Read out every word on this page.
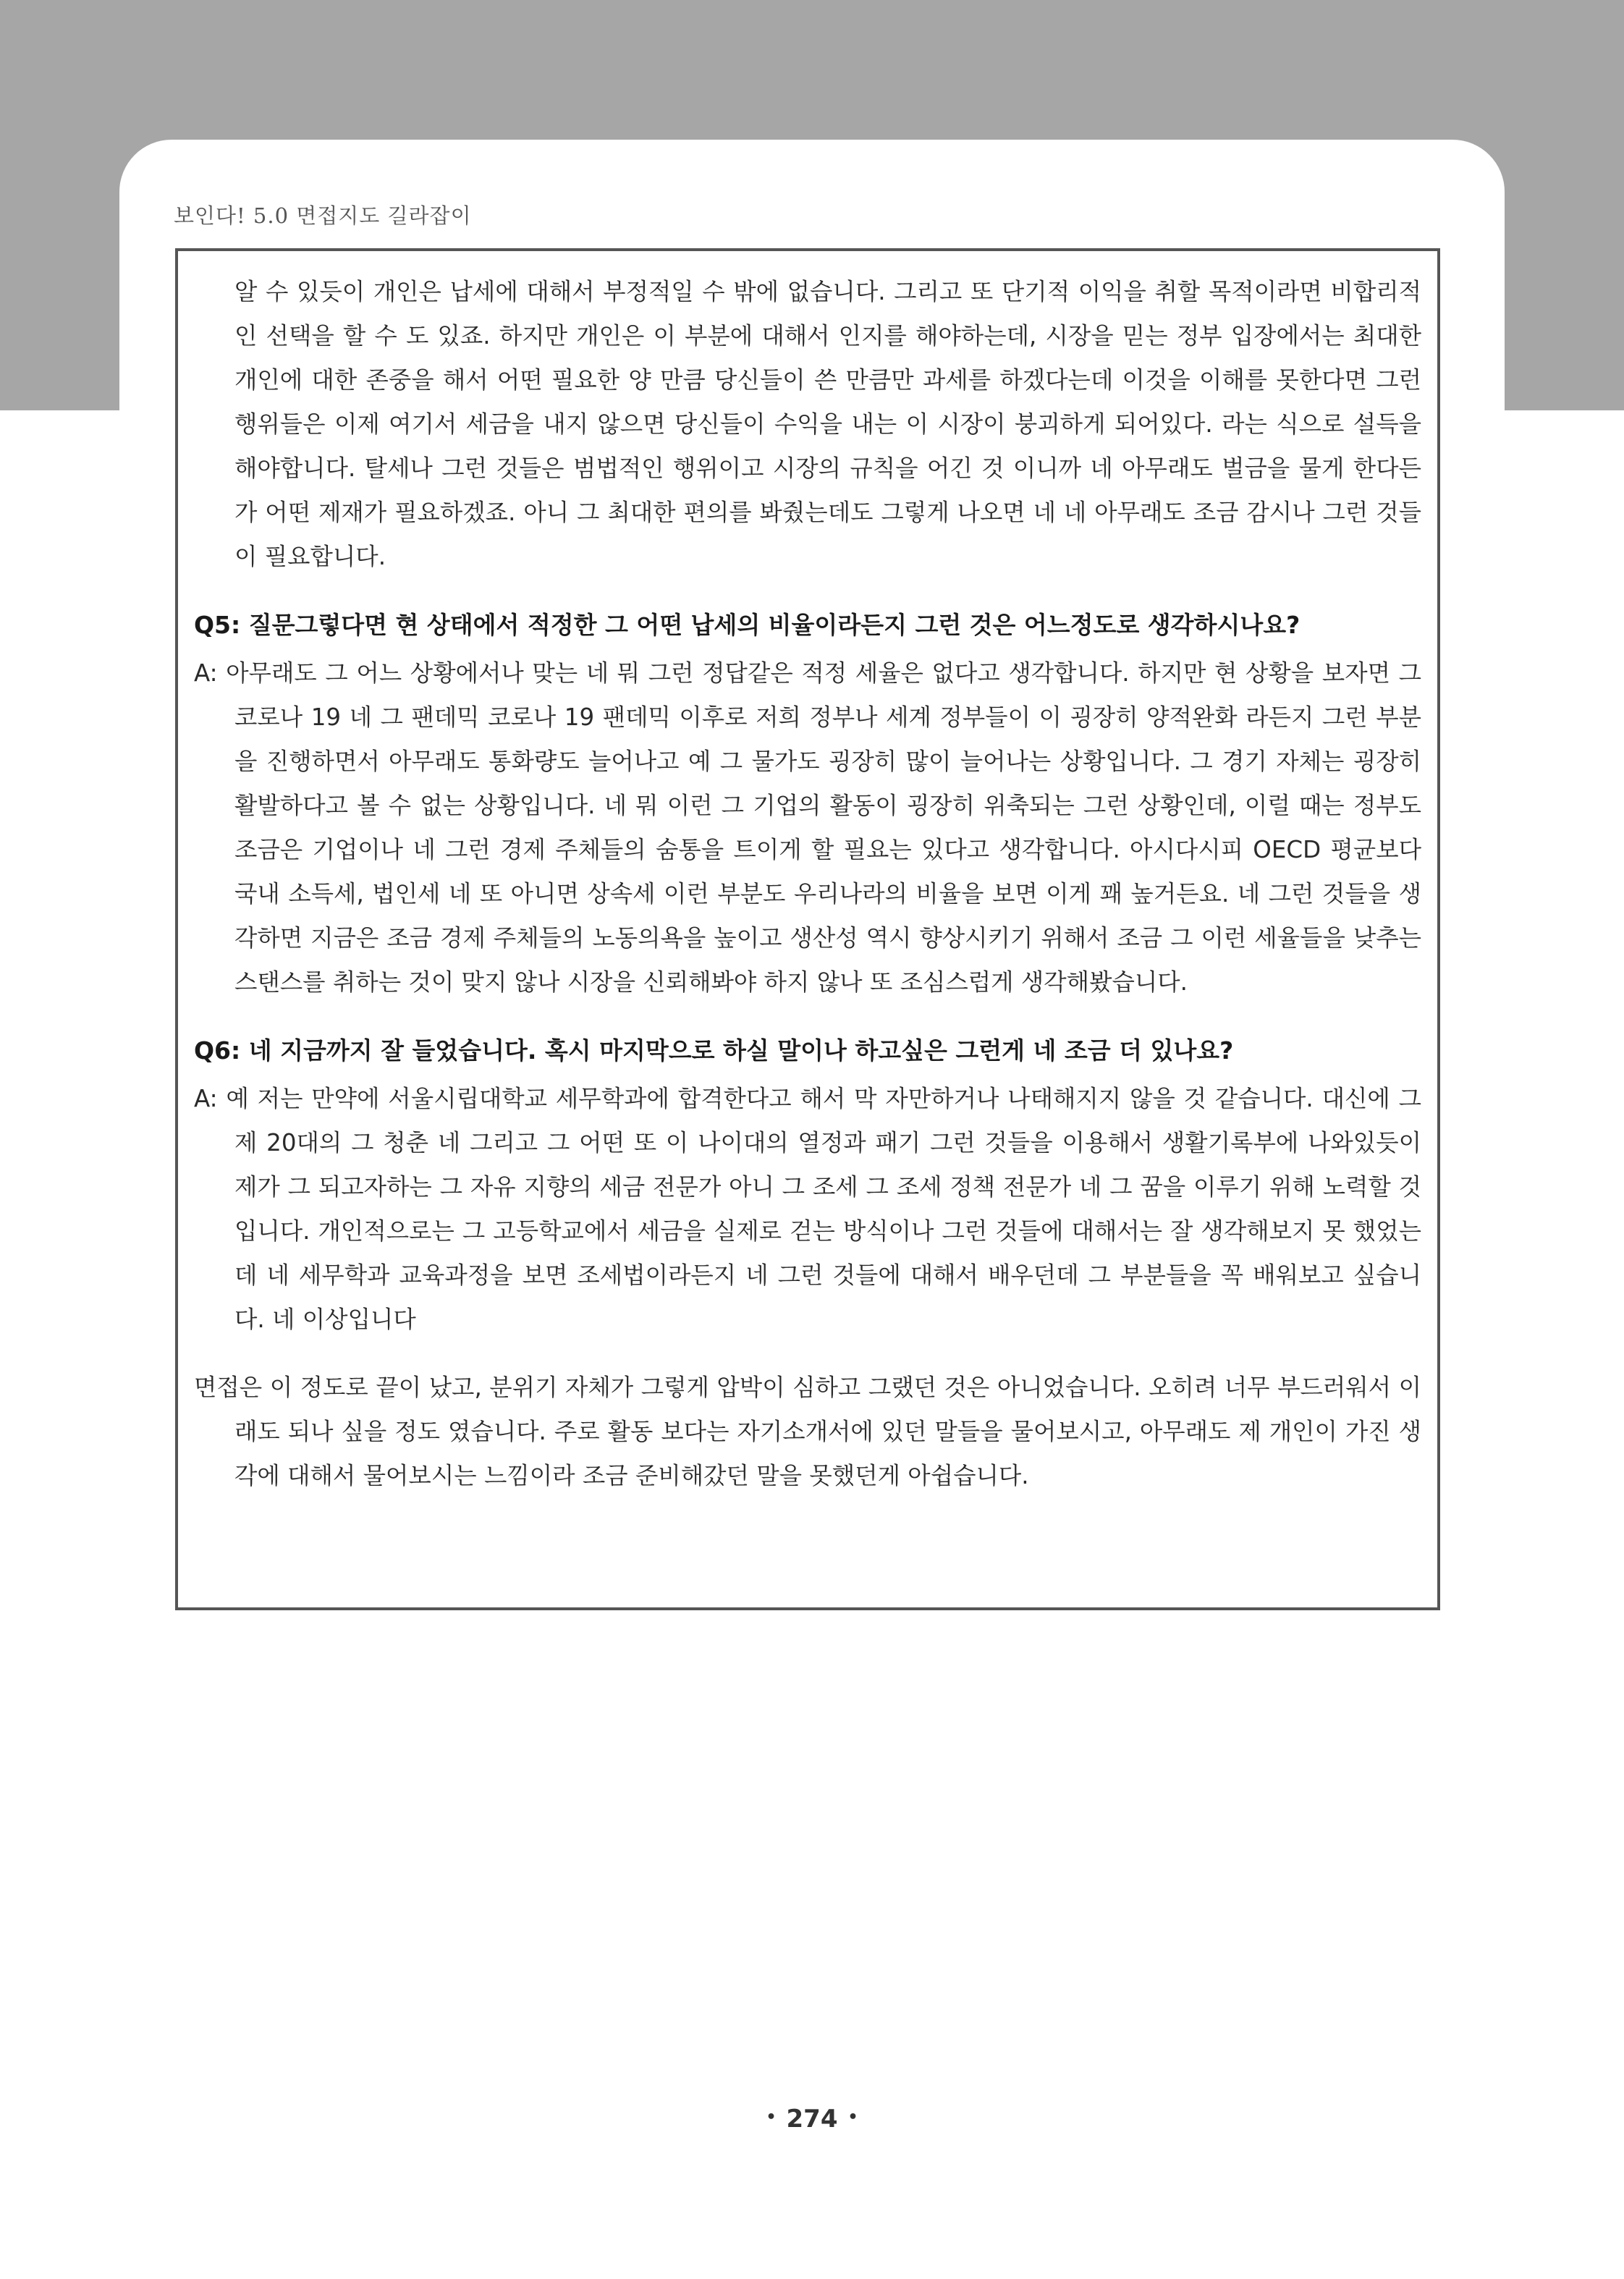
보인다! 5.0 면접지도 길라잡이

알 수 있듯이 개인은 납세에 대해서 부정적일 수 밖에 없습니다. 그리고 또 단기적 이익을 취할 목적이라면 비합리적인 선택을 할 수 도 있죠. 하지만 개인은 이 부분에 대해서 인지를 해야하는데, 시장을 믿는 정부 입장에서는 최대한 개인에 대한 존중을 해서 어떤 필요한 양 만큼 당신들이 쓴 만큼만 과세를 하겠다는데 이것을 이해를 못한다면 그런 행위들은 이제 여기서 세금을 내지 않으면 당신들이 수익을 내는 이 시장이 붕괴하게 되어있다. 라는 식으로 설득을 해야합니다. 탈세나 그런 것들은 범법적인 행위이고 시장의 규칙을 어긴 것 이니까 네 아무래도 벌금을 물게 한다든가 어떤 제재가 필요하겠죠. 아니 그 최대한 편의를 봐줬는데도 그렇게 나오면 네 네 아무래도 조금 감시나 그런 것들이 필요합니다.

Q5: 질문그렇다면 현 상태에서 적정한 그 어떤 납세의 비율이라든지 그런 것은 어느정도로 생각하시나요?

A: 아무래도 그 어느 상황에서나 맞는 네 뭐 그런 정답같은 적정 세율은 없다고 생각합니다. 하지만 현 상황을 보자면 그 코로나 19 네 그 팬데믹 코로나 19 팬데믹 이후로 저희 정부나 세계 정부들이 이 굉장히 양적완화 라든지 그런 부분을 진행하면서 아무래도 통화량도 늘어나고 예 그 물가도 굉장히 많이 늘어나는 상황입니다. 그 경기 자체는 굉장히 활발하다고 볼 수 없는 상황입니다. 네 뭐 이런 그 기업의 활동이 굉장히 위축되는 그런 상황인데, 이럴 때는 정부도 조금은 기업이나 네 그런 경제 주체들의 숨통을 트이게 할 필요는 있다고 생각합니다. 아시다시피 OECD 평균보다 국내 소득세, 법인세 네 또 아니면 상속세 이런 부분도 우리나라의 비율을 보면 이게 꽤 높거든요. 네 그런 것들을 생각하면 지금은 조금 경제 주체들의 노동의욕을 높이고 생산성 역시 향상시키기 위해서 조금 그 이런 세율들을 낮추는 스탠스를 취하는 것이 맞지 않나 시장을 신뢰해봐야 하지 않나 또 조심스럽게 생각해봤습니다.

Q6: 네 지금까지 잘 들었습니다. 혹시 마지막으로 하실 말이나 하고싶은 그런게 네 조금 더 있나요?

A: 예 저는 만약에 서울시립대학교 세무학과에 합격한다고 해서 막 자만하거나 나태해지지 않을 것 같습니다. 대신에 그 제 20대의 그 청춘 네 그리고 그 어떤 또 이 나이대의 열정과 패기 그런 것들을 이용해서 생활기록부에 나와있듯이 제가 그 되고자하는 그 자유 지향의 세금 전문가 아니 그 조세 그 조세 정책 전문가 네 그 꿈을 이루기 위해 노력할 것입니다. 개인적으로는 그 고등학교에서 세금을 실제로 걷는 방식이나 그런 것들에 대해서는 잘 생각해보지 못 했었는데 네 세무학과 교육과정을 보면 조세법이라든지 네 그런 것들에 대해서 배우던데 그 부분들을 꼭 배워보고 싶습니다. 네 이상입니다

면접은 이 정도로 끝이 났고, 분위기 자체가 그렇게 압박이 심하고 그랬던 것은 아니었습니다. 오히려 너무 부드러워서 이래도 되나 싶을 정도 였습니다. 주로 활동 보다는 자기소개서에 있던 말들을 물어보시고, 아무래도 제 개인이 가진 생각에 대해서 물어보시는 느낌이라 조금 준비해갔던 말을 못했던게 아쉽습니다.

• 274 •
